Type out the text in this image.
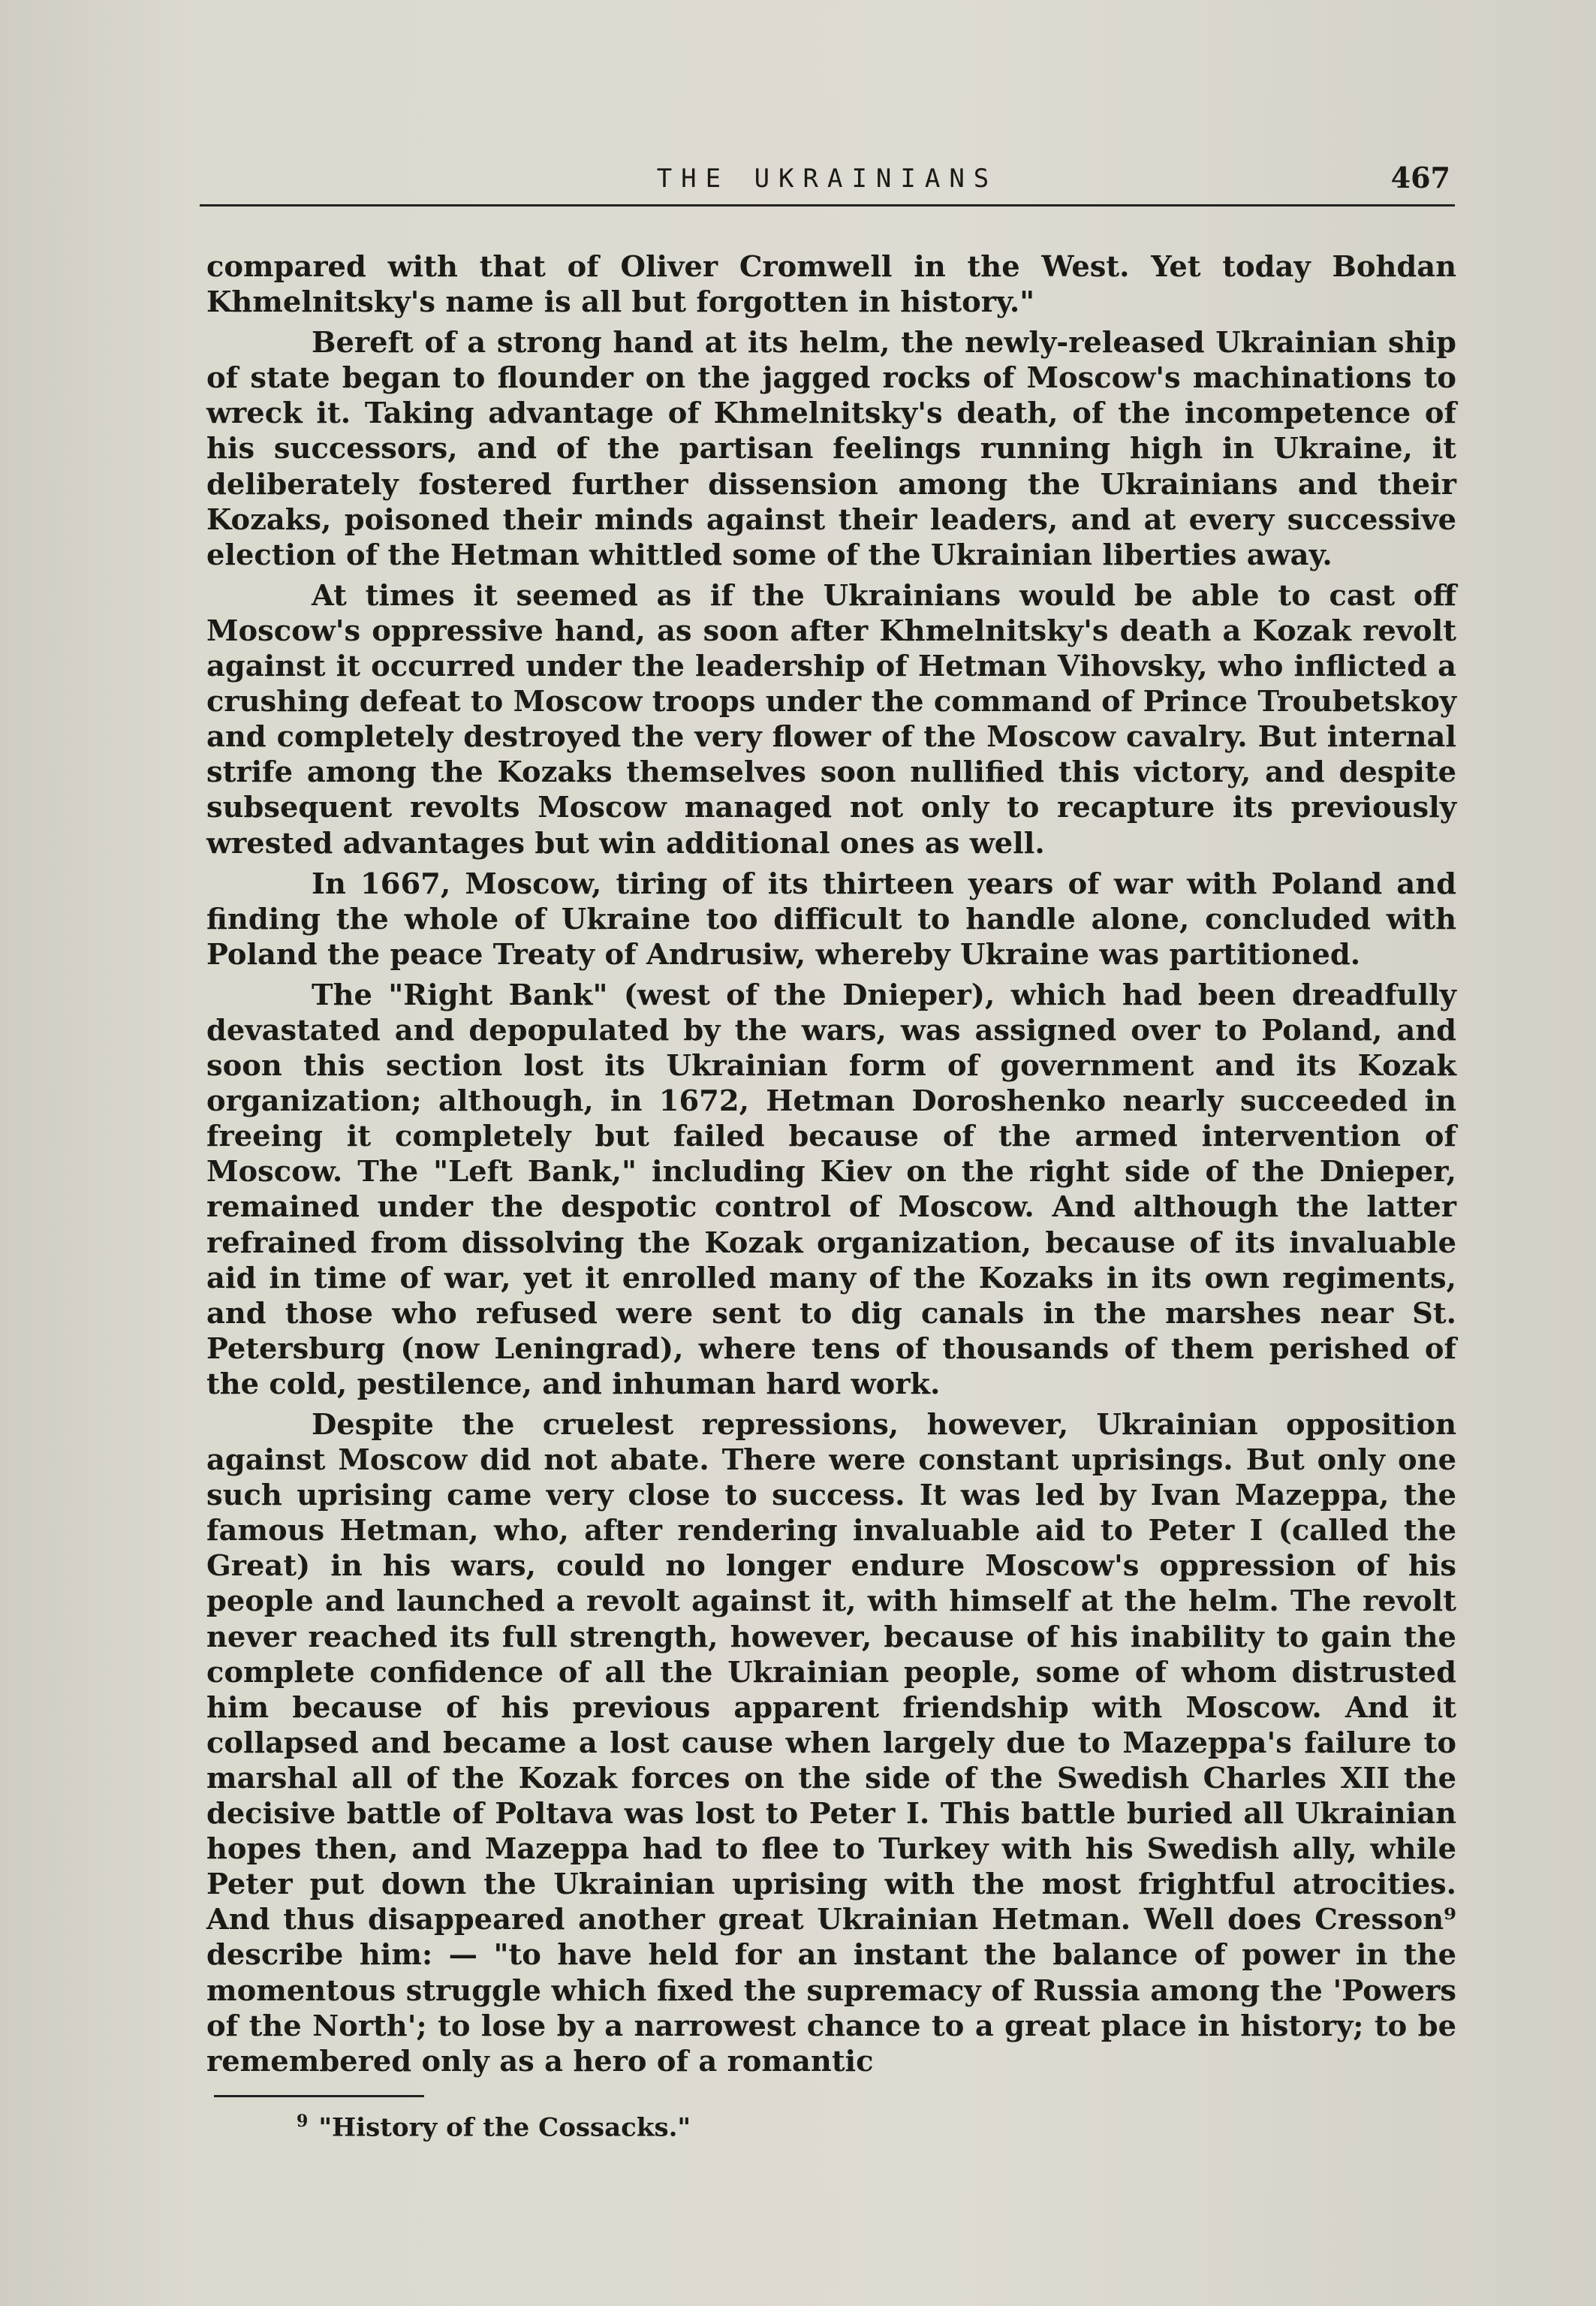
THE UKRAINIANS	467

compared with that of Oliver Cromwell in the West. Yet today Bohdan Khmelnitsky's name is all but forgotten in history."

Bereft of a strong hand at its helm, the newly-released Ukrainian ship of state began to flounder on the jagged rocks of Moscow's machinations to wreck it. Taking advantage of Khmelnitsky's death, of the incompetence of his successors, and of the partisan feelings running high in Ukraine, it deliberately fostered further dissension among the Ukrainians and their Kozaks, poisoned their minds against their leaders, and at every successive election of the Hetman whittled some of the Ukrainian liberties away.

At times it seemed as if the Ukrainians would be able to cast off Moscow's oppressive hand, as soon after Khmelnitsky's death a Kozak revolt against it occurred under the leadership of Hetman Vihovsky, who inflicted a crushing defeat to Moscow troops under the command of Prince Troubetskoy and completely destroyed the very flower of the Moscow cavalry. But internal strife among the Kozaks themselves soon nullified this victory, and despite subsequent revolts Moscow managed not only to recapture its previously wrested advantages but win additional ones as well.

In 1667, Moscow, tiring of its thirteen years of war with Poland and finding the whole of Ukraine too difficult to handle alone, concluded with Poland the peace Treaty of Andrusiw, whereby Ukraine was partitioned.

The "Right Bank" (west of the Dnieper), which had been dreadfully devastated and depopulated by the wars, was assigned over to Poland, and soon this section lost its Ukrainian form of government and its Kozak organization; although, in 1672, Hetman Doroshenko nearly succeeded in freeing it completely but failed because of the armed intervention of Moscow. The "Left Bank," including Kiev on the right side of the Dnieper, remained under the despotic control of Moscow. And although the latter refrained from dissolving the Kozak organization, because of its invaluable aid in time of war, yet it enrolled many of the Kozaks in its own regiments, and those who refused were sent to dig canals in the marshes near St. Petersburg (now Leningrad), where tens of thousands of them perished of the cold, pestilence, and inhuman hard work.

Despite the cruelest repressions, however, Ukrainian opposition against Moscow did not abate. There were constant uprisings. But only one such uprising came very close to success. It was led by Ivan Mazeppa, the famous Hetman, who, after rendering invaluable aid to Peter I (called the Great) in his wars, could no longer endure Moscow's oppression of his people and launched a revolt against it, with himself at the helm. The revolt never reached its full strength, however, because of his inability to gain the complete confidence of all the Ukrainian people, some of whom distrusted him because of his previous apparent friendship with Moscow. And it collapsed and became a lost cause when largely due to Mazeppa's failure to marshal all of the Kozak forces on the side of the Swedish Charles XII the decisive battle of Poltava was lost to Peter I. This battle buried all Ukrainian hopes then, and Mazeppa had to flee to Turkey with his Swedish ally, while Peter put down the Ukrainian uprising with the most frightful atrocities. And thus disappeared another great Ukrainian Hetman. Well does Cresson⁹ describe him: — "to have held for an instant the balance of power in the momentous struggle which fixed the supremacy of Russia among the 'Powers of the North'; to lose by a narrowest chance to a great place in history; to be remembered only as a hero of a romantic

$^9$ "History of the Cossacks."
